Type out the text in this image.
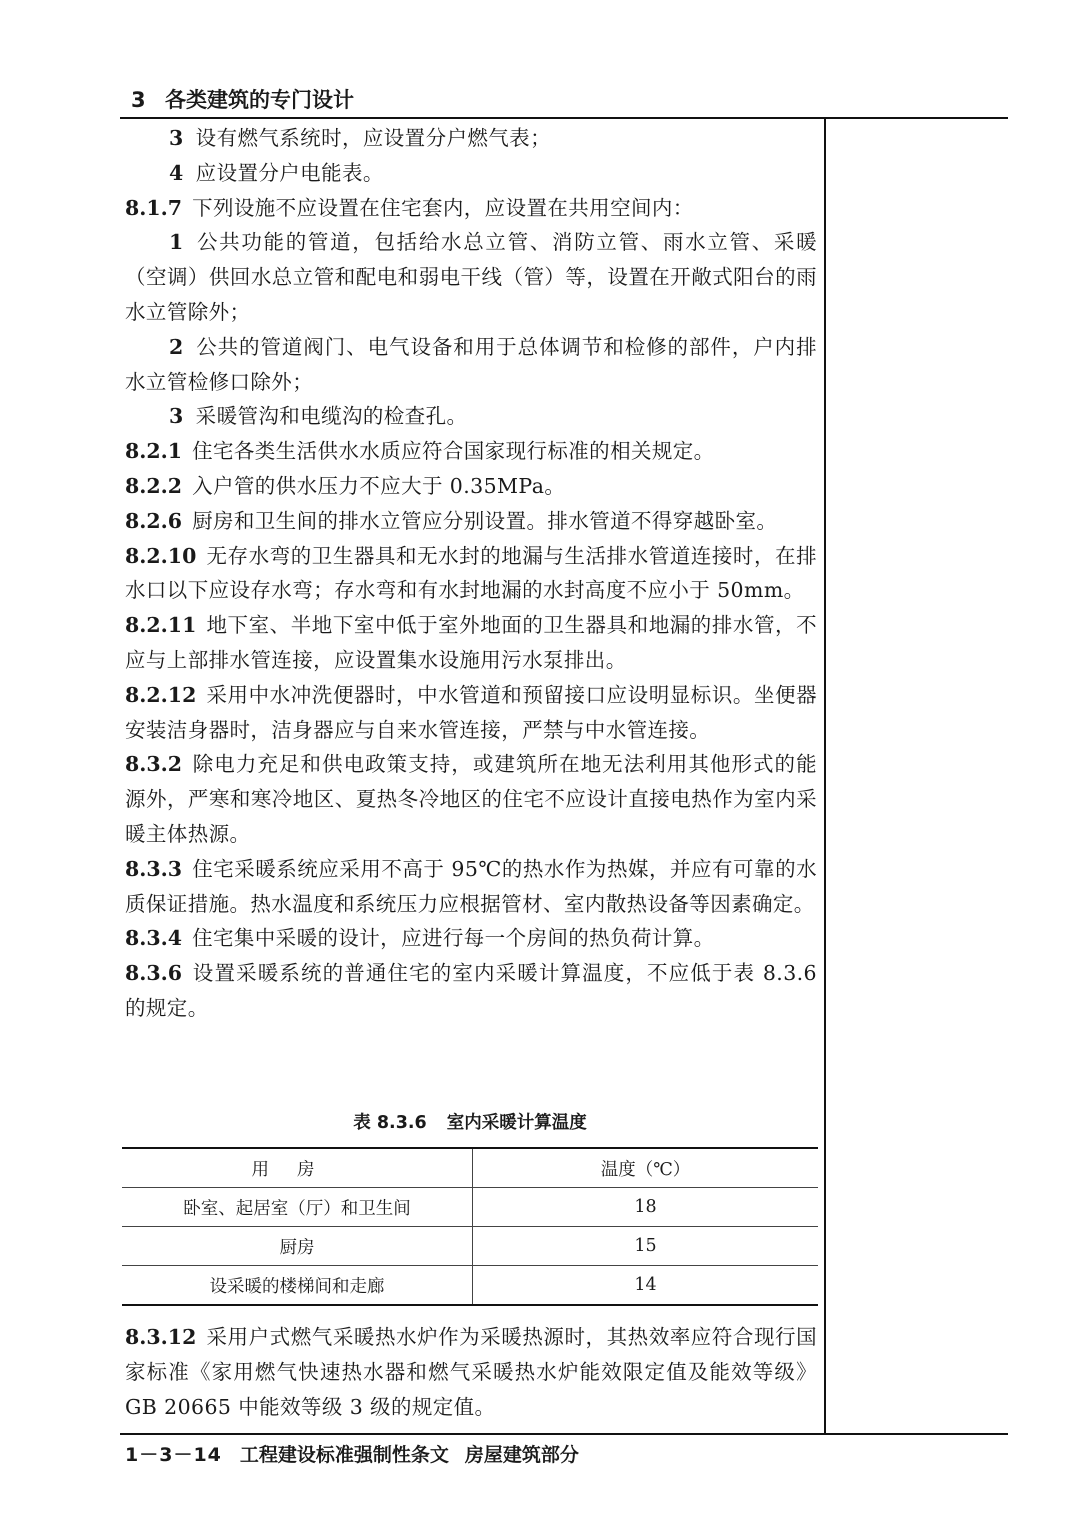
3 各类建筑的专门设计

3 设有燃气系统时，应设置分户燃气表；

4 应设置分户电能表。

8.1.7 下列设施不应设置在住宅套内，应设置在共用空间内：

1 公共功能的管道，包括给水总立管、消防立管、雨水立管、采暖（空调）供回水总立管和配电和弱电干线（管）等，设置在开敞式阳台的雨水立管除外；

2 公共的管道阀门、电气设备和用于总体调节和检修的部件，户内排水立管检修口除外；

3 采暖管沟和电缆沟的检查孔。

8.2.1 住宅各类生活供水水质应符合国家现行标准的相关规定。

8.2.2 入户管的供水压力不应大于 0.35MPa。

8.2.6 厨房和卫生间的排水立管应分别设置。排水管道不得穿越卧室。

8.2.10 无存水弯的卫生器具和无水封的地漏与生活排水管道连接时，在排水口以下应设存水弯；存水弯和有水封地漏的水封高度不应小于 50mm。

8.2.11 地下室、半地下室中低于室外地面的卫生器具和地漏的排水管，不应与上部排水管连接，应设置集水设施用污水泵排出。

8.2.12 采用中水冲洗便器时，中水管道和预留接口应设明显标识。坐便器安装洁身器时，洁身器应与自来水管连接，严禁与中水管连接。

8.3.2 除电力充足和供电政策支持，或建筑所在地无法利用其他形式的能源外，严寒和寒冷地区、夏热冬冷地区的住宅不应设计直接电热作为室内采暖主体热源。

8.3.3 住宅采暖系统应采用不高于 95℃的热水作为热媒，并应有可靠的水质保证措施。热水温度和系统压力应根据管材、室内散热设备等因素确定。

8.3.4 住宅集中采暖的设计，应进行每一个房间的热负荷计算。

8.3.6 设置采暖系统的普通住宅的室内采暖计算温度，不应低于表 8.3.6 的规定。

表 8.3.6 室内采暖计算温度
用房	温度（℃）
卧室、起居室（厅）和卫生间	18
厨房	15
设采暖的楼梯间和走廊	14

8.3.12 采用户式燃气采暖热水炉作为采暖热源时，其热效率应符合现行国家标准《家用燃气快速热水器和燃气采暖热水炉能效限定值及能效等级》GB 20665 中能效等级 3 级的规定值。

1－3－14 工程建设标准强制性条文 房屋建筑部分
